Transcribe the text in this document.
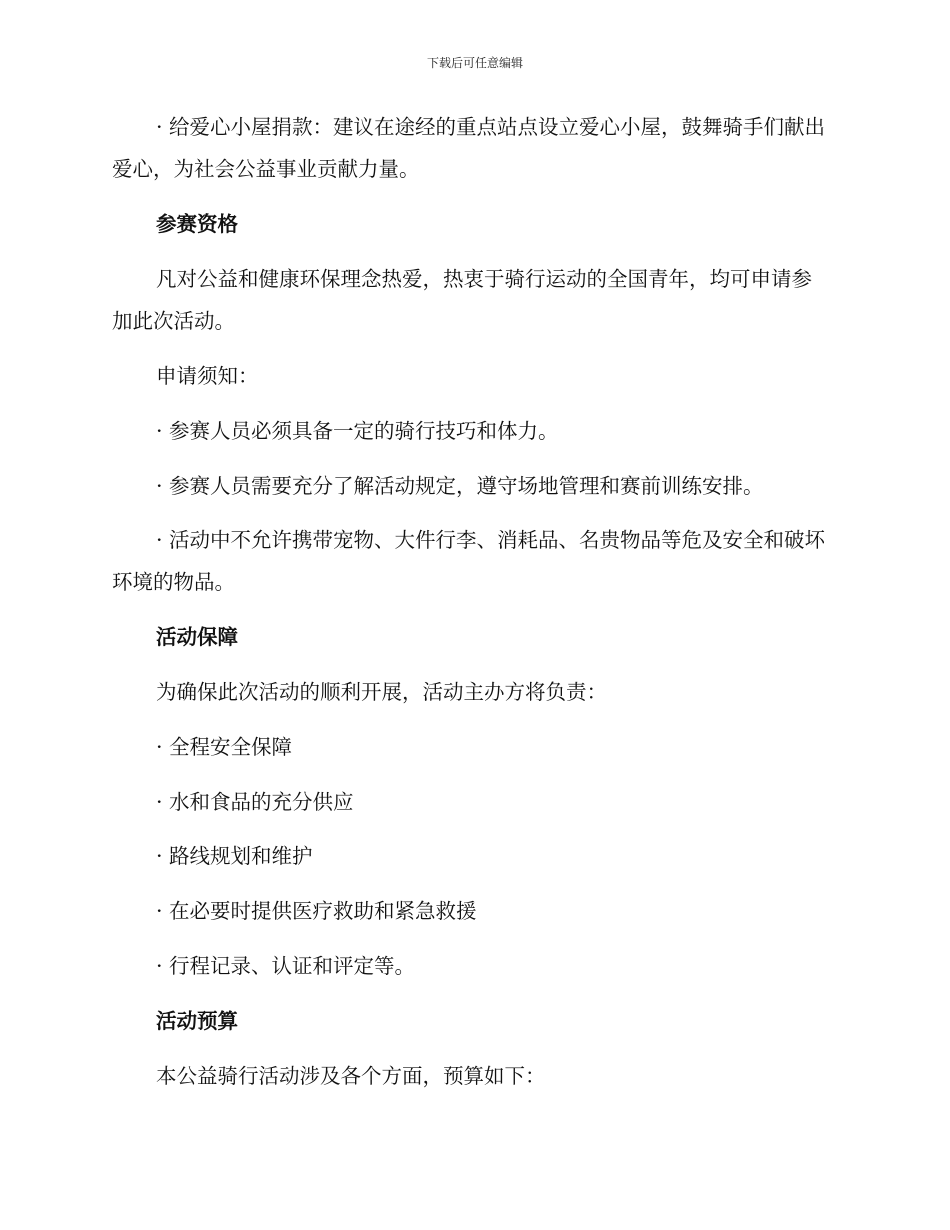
下载后可任意编辑
· 给爱心小屋捐款：建议在途经的重点站点设立爱心小屋，鼓舞骑手们献出爱心，为社会公益事业贡献力量。
参赛资格
凡对公益和健康环保理念热爱，热衷于骑行运动的全国青年，均可申请参加此次活动。
申请须知：
· 参赛人员必须具备一定的骑行技巧和体力。
· 参赛人员需要充分了解活动规定，遵守场地管理和赛前训练安排。
· 活动中不允许携带宠物、大件行李、消耗品、名贵物品等危及安全和破坏环境的物品。
活动保障
为确保此次活动的顺利开展，活动主办方将负责：
· 全程安全保障
· 水和食品的充分供应
· 路线规划和维护
· 在必要时提供医疗救助和紧急救援
· 行程记录、认证和评定等。
活动预算
本公益骑行活动涉及各个方面，预算如下：
